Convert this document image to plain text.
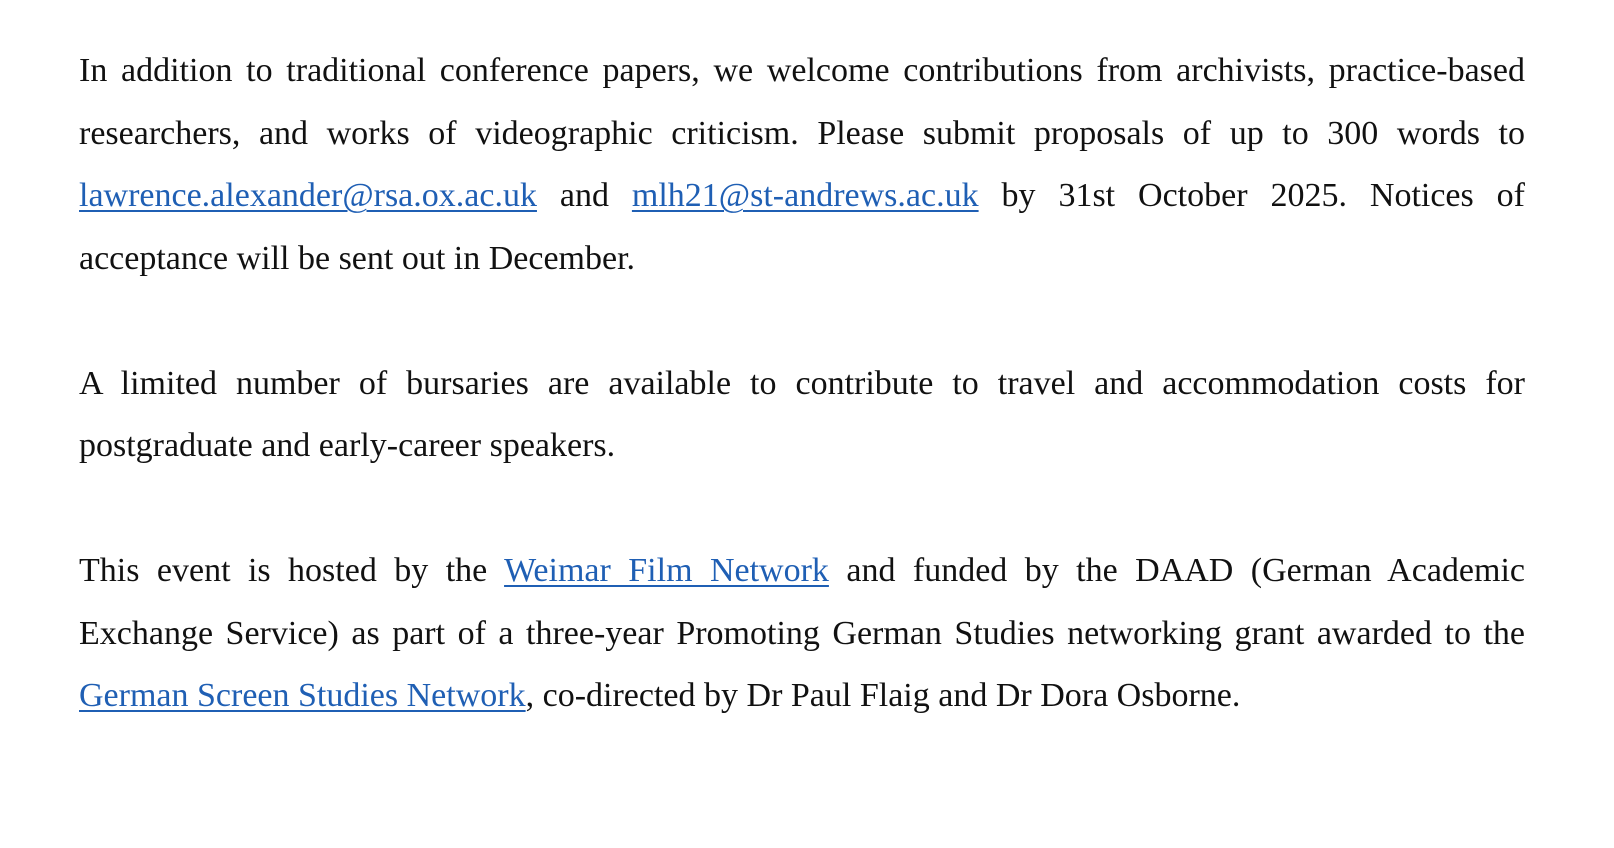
In addition to traditional conference papers, we welcome contributions from archivists, practice-based researchers, and works of videographic criticism. Please submit proposals of up to 300 words to lawrence.alexander@rsa.ox.ac.uk and mlh21@st-andrews.ac.uk by 31st October 2025. Notices of acceptance will be sent out in December.

A limited number of bursaries are available to contribute to travel and accommodation costs for postgraduate and early-career speakers.

This event is hosted by the Weimar Film Network and funded by the DAAD (German Academic Exchange Service) as part of a three-year Promoting German Studies networking grant awarded to the German Screen Studies Network, co-directed by Dr Paul Flaig and Dr Dora Osborne.
